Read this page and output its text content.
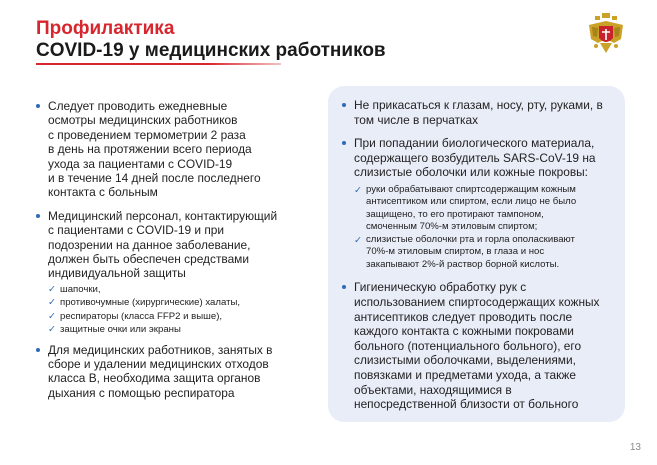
Профилактика
COVID-19 у медицинских работников
Следует проводить ежедневные
осмотры медицинских работников
с проведением термометрии 2 раза
в день на протяжении всего периода
ухода за пациентами с COVID-19
и в течение 14 дней после последнего
контакта с больным
Медицинский персонал, контактирующий
с пациентами с COVID-19 и при
подозрении на данное заболевание,
должен быть обеспечен средствами
индивидуальной защиты
✓ шапочки,
✓ противочумные (хирургические) халаты,
✓ респираторы (класса FFP2 и выше),
✓ защитные очки или экраны
Для медицинских работников, занятых в
сборе и удалении медицинских отходов
класса В, необходима защита органов
дыхания с помощью респиратора
Не прикасаться к глазам, носу, рту, руками, в
том числе в перчатках
При попадании биологического материала,
содержащего возбудитель SARS-CoV-19 на
слизистые оболочки или кожные покровы:
✓ руки обрабатывают спиртсодержащим кожным
антисептиком или спиртом, если лицо не было
защищено, то его протирают тампоном,
смоченным 70%-м этиловым спиртом;
✓ слизистые оболочки рта и горла ополаскивают
70%-м этиловым спиртом, в глаза и нос
закапывают 2%-й раствор борной кислоты.
Гигиеническую обработку рук с
использованием спиртосодержащих кожных
антисептиков следует проводить после
каждого контакта с кожными покровами
больного (потенциального больного), его
слизистыми оболочками, выделениями,
повязками и предметами ухода, а также
объектами, находящимися в
непосредственной близости от больного
13
